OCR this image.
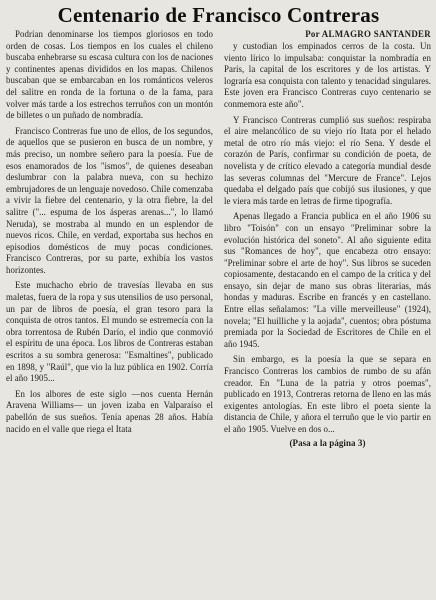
Centenario de Francisco Contreras

Podrían denominarse los tiempos gloriosos en todo orden de cosas. Los tiempos en los cuales el chileno buscaba enhebrarse su escasa cultura con los de naciones y continentes apenas divididos en los mapas. Chilenos buscaban que se embarcaban en los románticos veleros del salitre en ronda de la fortuna o de la fama, para volver más tarde a los estrechos terruños con un montón de billetes o un puñado de nombradía.

Francisco Contreras fue uno de ellos, de los segundos, de aquellos que se pusieron en busca de un nombre, y más preciso, un nombre señero para la poesía. Fue de esos enamorados de los "ismos", de quienes deseaban deslumbrar con la palabra nueva, con su hechizo embrujadores de un lenguaje novedoso. Chile comenzaba a vivir la fiebre del centenario, y la otra fiebre, la del salitre ("... espuma de los ásperas arenas...", lo llamó Neruda), se mostraba al mundo en un esplendor de nuevos ricos. Chile, en verdad, exportaba sus hechos en episodios domésticos de muy pocas condiciones. Francisco Contreras, por su parte, exhibía los vastos horizontes.

Este muchacho ebrio de travesías llevaba en sus maletas, fuera de la ropa y sus utensilios de uso personal, un par de libros de poesía, el gran tesoro para la conquista de otros tantos. El mundo se estremecía con la obra torrentosa de Rubén Darío, el indio que conmovió el espíritu de una época. Los libros de Contreras estaban escritos a su sombra generosa: "Esmaltines", publicado en 1898, y "Raúl", que vio la luz pública en 1902. Corría el año 1905...

En los albores de este siglo —nos cuenta Hernán Aravena Williams— un joven izaba en Valparaíso el pabellón de sus sueños. Tenía apenas 28 años. Había nacido en el valle que riega el Itata

Por ALMAGRO SANTANDER

y custodian los empinados cerros de la costa. Un viento lírico lo impulsaba: conquistar la nombradía en París, la capital de los escritores y de los artistas. Y lograría esa conquista con talento y tenacidad singulares. Este joven era Francisco Contreras cuyo centenario se conmemora este año".

Y Francisco Contreras cumplió sus sueños: respiraba el aire melancólico de su viejo río Itata por el helado metal de otro río más viejo: el río Sena. Y desde el corazón de París, confirmar su condición de poeta, de novelista y de crítico elevado a categoría mundial desde las severas columnas del "Mercure de France". Lejos quedaba el delgado país que cobijó sus ilusiones, y que le viera más tarde en letras de firme tipografía.

Apenas llegado a Francia publica en el año 1906 su libro "Toisón" con un ensayo "Preliminar sobre la evolución histórica del soneto". Al año siguiente edita sus "Romances de hoy", que encabeza otro ensayo: "Preliminar sobre el arte de hoy". Sus libros se suceden copiosamente, destacando en el campo de la crítica y del ensayo, sin dejar de mano sus obras literarias, más hondas y maduras. Escribe en francés y en castellano. Entre ellas señalamos: "La ville merveilleuse" (1924), novela; "El huilliche y la aojada", cuentos; obra póstuma premiada por la Sociedad de Escritores de Chile en el año 1945.

Sin embargo, es la poesía la que se separa en Francisco Contreras los cambios de rumbo de su afán creador. En "Luna de la patria y otros poemas", publicado en 1913, Contreras retorna de lleno en las más exigentes antologías. En este libro el poeta siente la distancia de Chile, y añora el terruño que le vio partir en el año 1905. Vuelve en dos o...

(Pasa a la página 3)
